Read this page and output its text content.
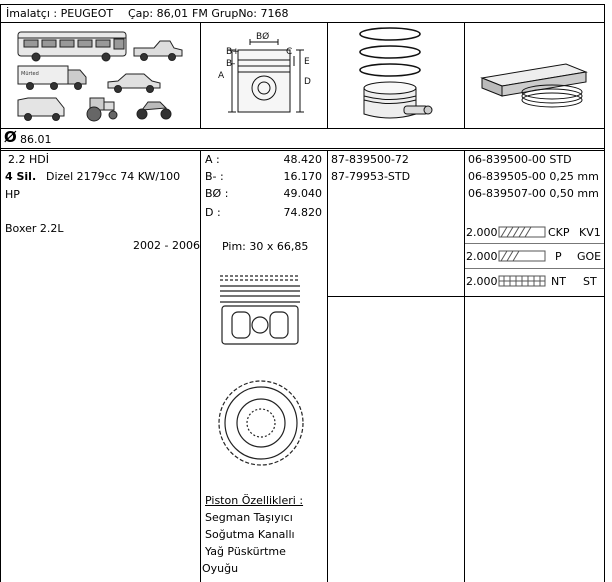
İmalatçı : PEUGEOT Çap: 86,01 FM GrupNo: 7168
Mürted
B+
BØ
C
B-	E
A
D
Ø 86.01
2.2 HDİ
4 Sil. Dizel 2179cc 74 KW/100
HP
Boxer 2.2L
2002 - 2006
A :	48.420
B- :	16.170
BØ :	49.040
D :	74.820
Pim: 30 x 66,85
Piston Özellikleri :
Segman Taşıyıcı
Soğutma Kanallı
Yağ Püskürtme
Oyuğu
87-839500-72
87-79953-STD
06-839500-00 STD
06-839505-00 0,25 mm
06-839507-00 0,50 mm
2.000	CKP KV1
2.000	P GOE
2.000	NT ST
